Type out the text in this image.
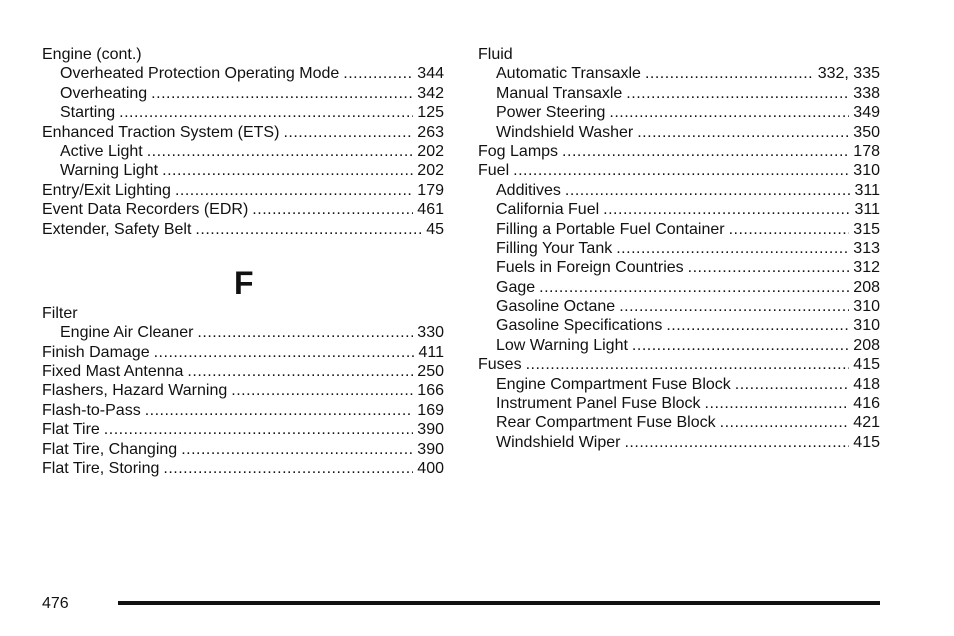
Engine (cont.)
Overheated Protection Operating Mode .....	344
Overheating .....	342
Starting .....	125
Enhanced Traction System (ETS) .....	263
Active Light .....	202
Warning Light .....	202
Entry/Exit Lighting .....	179
Event Data Recorders (EDR) .....	461
Extender, Safety Belt .....	45
F
Filter
Engine Air Cleaner .....	330
Finish Damage .....	411
Fixed Mast Antenna .....	250
Flashers, Hazard Warning .....	166
Flash-to-Pass .....	169
Flat Tire .....	390
Flat Tire, Changing .....	390
Flat Tire, Storing .....	400
Fluid
Automatic Transaxle .....	332, 335
Manual Transaxle .....	338
Power Steering .....	349
Windshield Washer .....	350
Fog Lamps .....	178
Fuel .....	310
Additives .....	311
California Fuel .....	311
Filling a Portable Fuel Container .....	315
Filling Your Tank .....	313
Fuels in Foreign Countries .....	312
Gage .....	208
Gasoline Octane .....	310
Gasoline Specifications .....	310
Low Warning Light .....	208
Fuses .....	415
Engine Compartment Fuse Block .....	418
Instrument Panel Fuse Block .....	416
Rear Compartment Fuse Block .....	421
Windshield Wiper .....	415
476
